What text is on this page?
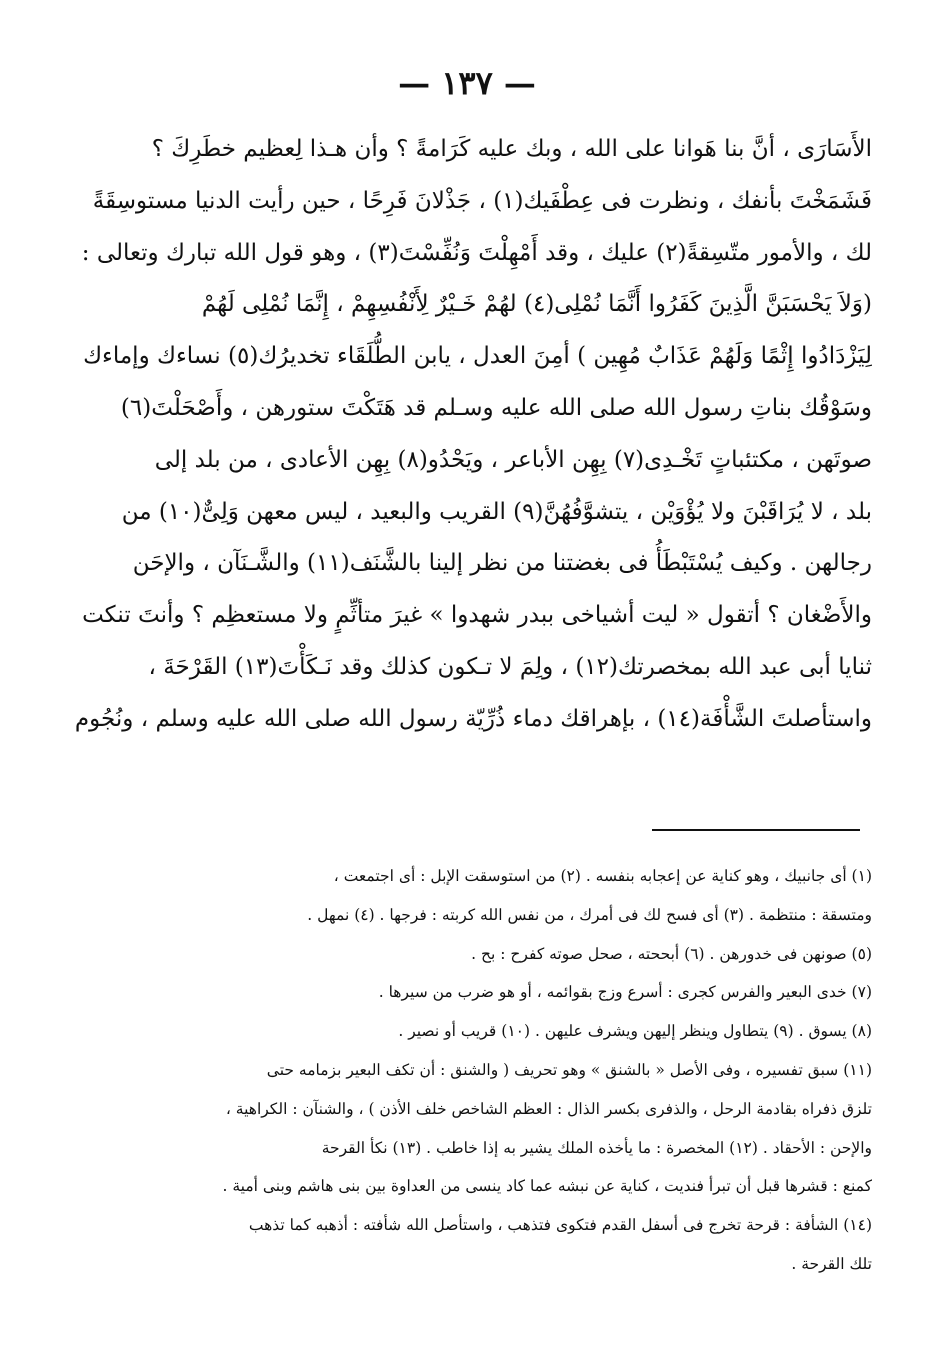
— ١٣٧ —
الأَسَارَى ، أنَّ بنا هَوانا على الله ، وبك عليه كَرَامةً ؟ وأن هـذا لِعظيم خطَرِكَ ؟
فَشَمَخْتَ بأنفك ، ونظرت فى عِطْفَيك(١) ، جَذْلانَ فَرِحًا ، حين رأيت الدنيا مستوسِقَةً
لك ، والأمور متّسِقةً(٢) عليك ، وقد أَمْهِلْتَ وَنُفِّسْتَ(٣) ، وهو قول الله تبارك وتعالى :
(وَلاَ يَحْسَبَنَّ الَّذِينَ كَفَرُوا أَنَّمَا نُمْلِى(٤) لهُمْ خَـيْرٌ لِأَنْفُسِهِمْ ، إِنَّمَا نُمْلِى لَهُمْ
لِيَزْدَادُوا إِثْمًا وَلَهُمْ عَذَابٌ مُهِين ) أمِنَ العدل ، يابن الطُّلَقَاء تخديرُك(٥) نساءك وإماءك
وسَوْقُك بناتِ رسول الله صلى الله عليه وسـلم قد هَتَكْتَ ستورهن ، وأَصْحَلْتَ(٦)
صوتَهن ، مكتئباتٍ تَخْـدِى(٧) بِهِن الأباعر ، ويَحْدُو(٨) بِهِن الأعادى ، من بلد إلى
بلد ، لا يُرَاقَبْنَ ولا يُؤْوَيْن ، يتشوَّفُهُنَّ(٩) القريب والبعيد ، ليس معهن وَلِىٌّ(١٠) من
رجالهن . وكيف يُسْتَبْطَأُ فى بغضتنا من نظر إلينا بالشَّنَف(١١) والشَّـنَآن ، والإحَن
والأَضْغان ؟ أتقول « ليت أشياخى ببدر شهدوا » غيرَ متأثِّمٍ ولا مستعظِم ؟ وأنتَ تنكت
ثنايا أبى عبد الله بمخصرتك(١٢) ، ولِمَ لا تـكون كذلك وقد نَـكَأْتَ(١٣) القَرْحَةَ ،
واستأصلتَ الشَّأْفَة(١٤) ، بإهراقك دماء ذُرِّيّة رسول الله صلى الله عليه وسلم ، ونُجُوم
(١) أى جانبيك ، وهو كناية عن إعجابه بنفسه . (٢) من استوسقت الإبل : أى اجتمعت ،
ومتسقة : منتظمة . (٣) أى فسح لك فى أمرك ، من نفس الله كربته : فرجها . (٤) نمهل .
(٥) صونهن فى خدورهن . (٦) أبححته ، صحل صوته كفرح : بح .
(٧) خدى البعير والفرس كجرى : أسرع وزج بقوائمه ، أو هو ضرب من سيرها .
(٨) يسوق . (٩) يتطاول وينظر إليهن ويشرف عليهن . (١٠) قريب أو نصير .
(١١) سبق تفسيره ، وفى الأصل « بالشنق » وهو تحريف ( والشنق : أن تكف البعير بزمامه حتى
تلزق ذفراه بقادمة الرحل ، والذفرى بكسر الذال : العظم الشاخص خلف الأذن ) ، والشنآن : الكراهية ،
والإحن : الأحقاد . (١٢) المخصرة : ما يأخذه الملك يشير به إذا خاطب . (١٣) نكأ القرحة
كمنع : قشرها قبل أن تبرأ فنديت ، كناية عن نبشه عما كاد ينسى من العداوة بين بنى هاشم وبنى أمية .
(١٤) الشأفة : قرحة تخرج فى أسفل القدم فتكوى فتذهب ، واستأصل الله شأفته : أذهبه كما تذهب
تلك القرحة .
